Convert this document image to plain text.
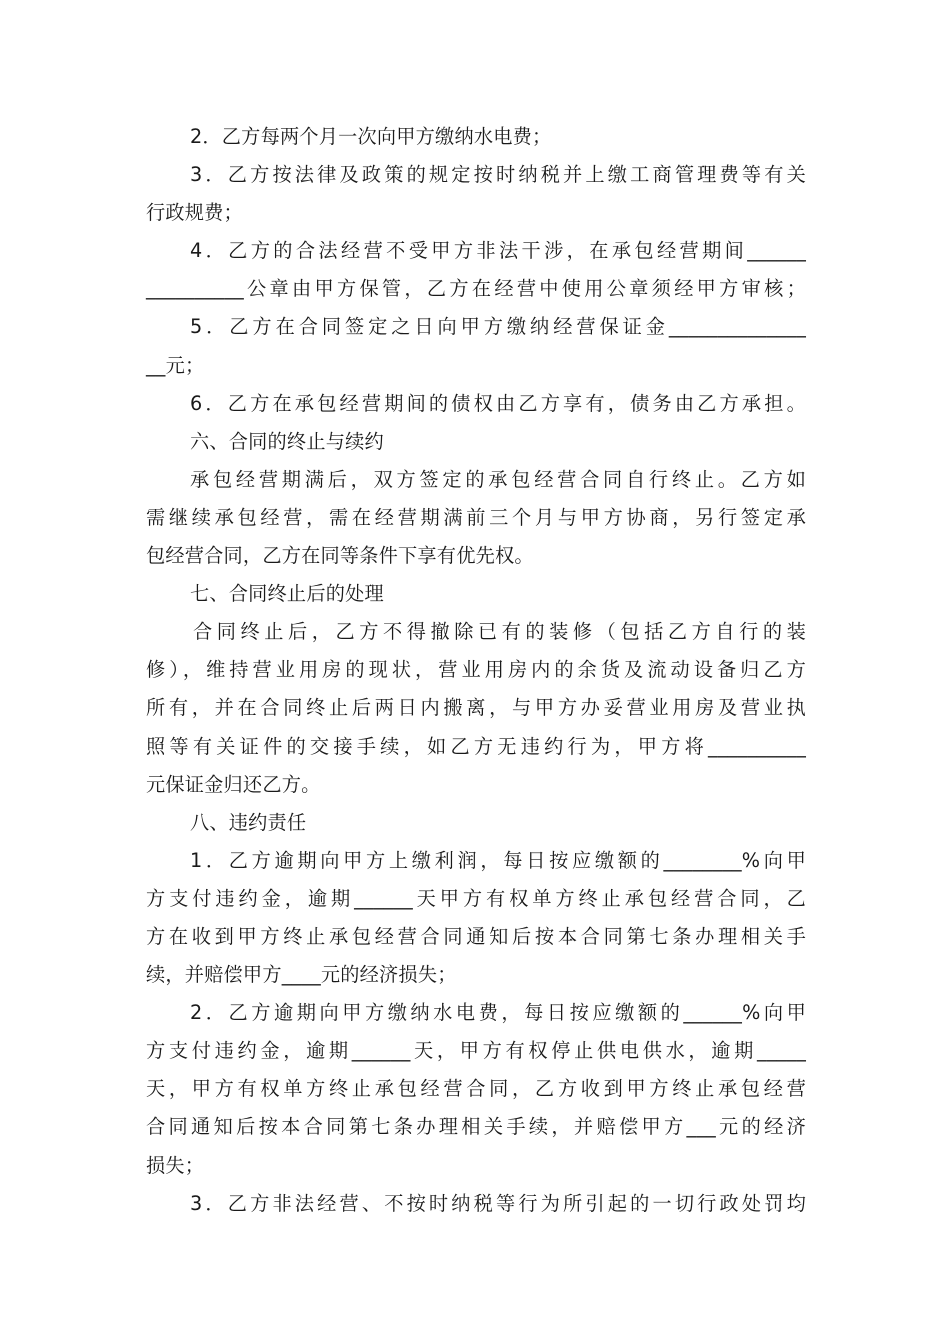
2．乙方每两个月一次向甲方缴纳水电费；
3．乙方按法律及政策的规定按时纳税并上缴工商管理费等有关
行政规费；
4．乙方的合法经营不受甲方非法干涉，在承包经营期间______
__________公章由甲方保管，乙方在经营中使用公章须经甲方审核；
5．乙方在合同签定之日向甲方缴纳经营保证金______________
__元；
6．乙方在承包经营期间的债权由乙方享有，债务由乙方承担。
六、合同的终止与续约
承包经营期满后，双方签定的承包经营合同自行终止。乙方如
需继续承包经营，需在经营期满前三个月与甲方协商，另行签定承
包经营合同，乙方在同等条件下享有优先权。
七、合同终止后的处理
合同终止后，乙方不得撤除已有的装修（包括乙方自行的装
修），维持营业用房的现状，营业用房内的余货及流动设备归乙方
所有，并在合同终止后两日内搬离，与甲方办妥营业用房及营业执
照等有关证件的交接手续，如乙方无违约行为，甲方将__________
元保证金归还乙方。
八、违约责任
1．乙方逾期向甲方上缴利润，每日按应缴额的________%向甲
方支付违约金，逾期______天甲方有权单方终止承包经营合同，乙
方在收到甲方终止承包经营合同通知后按本合同第七条办理相关手
续，并赔偿甲方____元的经济损失；
2．乙方逾期向甲方缴纳水电费，每日按应缴额的______%向甲
方支付违约金，逾期______天，甲方有权停止供电供水，逾期_____
天，甲方有权单方终止承包经营合同，乙方收到甲方终止承包经营
合同通知后按本合同第七条办理相关手续，并赔偿甲方___元的经济
损失；
3．乙方非法经营、不按时纳税等行为所引起的一切行政处罚均
